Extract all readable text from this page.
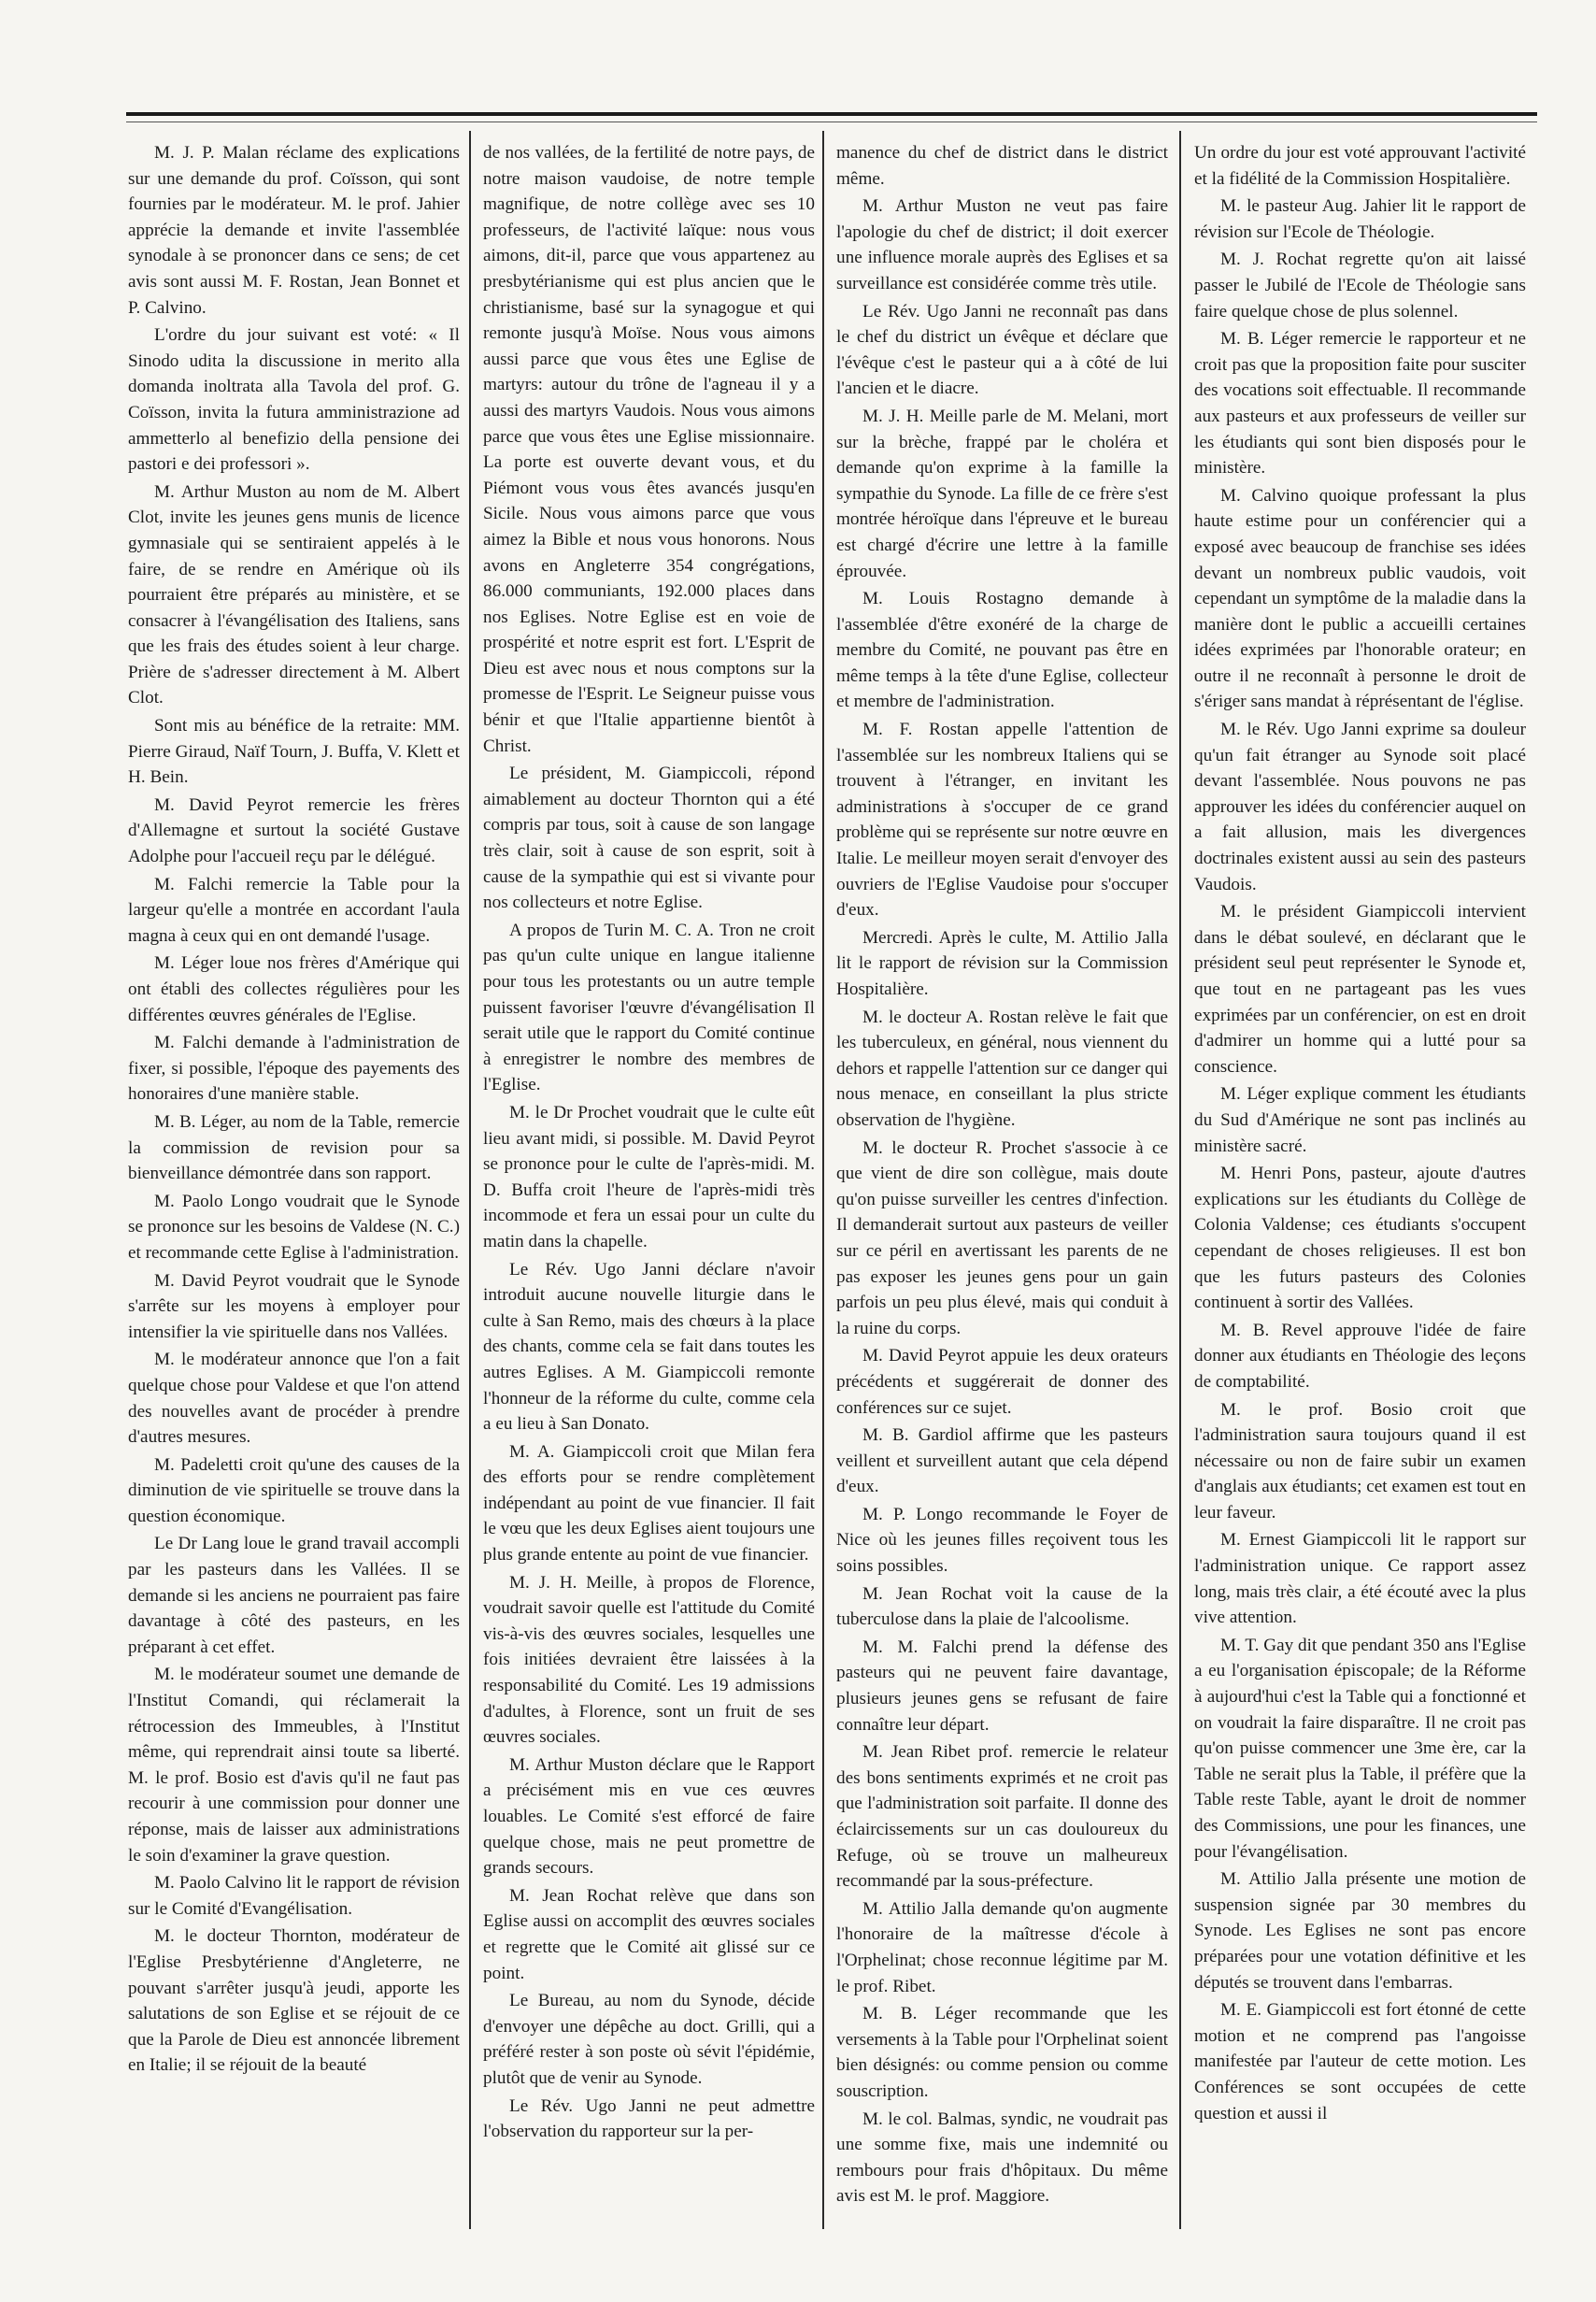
M. J. P. Malan réclame des explications sur une demande du prof. Coïsson, qui sont fournies par le modérateur. M. le prof. Jahier apprécie la demande et invite l'assemblée synodale à se prononcer dans ce sens; de cet avis sont aussi M. F. Rostan, Jean Bonnet et P. Calvino.

L'ordre du jour suivant est voté: « Il Sinodo udita la discussione in merito alla domanda inoltrata alla Tavola del prof. G. Coïsson, invita la futura amministrazione ad ammetterlo al benefizio della pensione dei pastori e dei professori ».

M. Arthur Muston au nom de M. Albert Clot, invite les jeunes gens munis de licence gymnasiale qui se sentiraient appelés à le faire, de se rendre en Amérique où ils pourraient être préparés au ministère, et se consacrer à l'évangélisation des Italiens, sans que les frais des études soient à leur charge. Prière de s'adresser directement à M. Albert Clot.

Sont mis au bénéfice de la retraite: MM. Pierre Giraud, Naïf Tourn, J. Buffa, V. Klett et H. Bein.

M. David Peyrot remercie les frères d'Allemagne et surtout la société Gustave Adolphe pour l'accueil reçu par le délégué.

M. Falchi remercie la Table pour la largeur qu'elle a montrée en accordant l'aula magna à ceux qui en ont demandé l'usage.

M. Léger loue nos frères d'Amérique qui ont établi des collectes régulières pour les différentes œuvres générales de l'Eglise.

M. Falchi demande à l'administration de fixer, si possible, l'époque des payements des honoraires d'une manière stable.

M. B. Léger, au nom de la Table, remercie la commission de revision pour sa bienveillance démontrée dans son rapport.

M. Paolo Longo voudrait que le Synode se prononce sur les besoins de Valdese (N. C.) et recommande cette Eglise à l'administration.

M. David Peyrot voudrait que le Synode s'arrête sur les moyens à employer pour intensifier la vie spirituelle dans nos Vallées.

M. le modérateur annonce que l'on a fait quelque chose pour Valdese et que l'on attend des nouvelles avant de procéder à prendre d'autres mesures.

M. Padeletti croit qu'une des causes de la diminution de vie spirituelle se trouve dans la question économique.

Le Dr Lang loue le grand travail accompli par les pasteurs dans les Vallées. Il se demande si les anciens ne pourraient pas faire davantage à côté des pasteurs, en les préparant à cet effet.

M. le modérateur soumet une demande de l'Institut Comandi, qui réclamerait la rétrocession des Immeubles, à l'Institut même, qui reprendrait ainsi toute sa liberté. M. le prof. Bosio est d'avis qu'il ne faut pas recourir à une commission pour donner une réponse, mais de laisser aux administrations le soin d'examiner la grave question.

M. Paolo Calvino lit le rapport de révision sur le Comité d'Evangélisation.

M. le docteur Thornton, modérateur de l'Eglise Presbytérienne d'Angleterre, ne pouvant s'arrêter jusqu'à jeudi, apporte les salutations de son Eglise et se réjouit de ce que la Parole de Dieu est annoncée librement en Italie; il se réjouit de la beauté

de nos vallées, de la fertilité de notre pays, de notre maison vaudoise, de notre temple magnifique, de notre collège avec ses 10 professeurs, de l'activité laïque: nous vous aimons, dit-il, parce que vous appartenez au presbytérianisme qui est plus ancien que le christianisme, basé sur la synagogue et qui remonte jusqu'à Moïse. Nous vous aimons aussi parce que vous êtes une Eglise de martyrs: autour du trône de l'agneau il y a aussi des martyrs Vaudois. Nous vous aimons parce que vous êtes une Eglise missionnaire. La porte est ouverte devant vous, et du Piémont vous vous êtes avancés jusqu'en Sicile. Nous vous aimons parce que vous aimez la Bible et nous vous honorons. Nous avons en Angleterre 354 congrégations, 86.000 communiants, 192.000 places dans nos Eglises. Notre Eglise est en voie de prospérité et notre esprit est fort. L'Esprit de Dieu est avec nous et nous comptons sur la promesse de l'Esprit. Le Seigneur puisse vous bénir et que l'Italie appartienne bientôt à Christ.

Le président, M. Giampiccoli, répond aimablement au docteur Thornton qui a été compris par tous, soit à cause de son langage très clair, soit à cause de son esprit, soit à cause de la sympathie qui est si vivante pour nos collecteurs et notre Eglise.

A propos de Turin M. C. A. Tron ne croit pas qu'un culte unique en langue italienne pour tous les protestants ou un autre temple puissent favoriser l'œuvre d'évangélisation Il serait utile que le rapport du Comité continue à enregistrer le nombre des membres de l'Eglise.

M. le Dr Prochet voudrait que le culte eût lieu avant midi, si possible. M. David Peyrot se prononce pour le culte de l'après-midi. M. D. Buffa croit l'heure de l'après-midi très incommode et fera un essai pour un culte du matin dans la chapelle.

Le Rév. Ugo Janni déclare n'avoir introduit aucune nouvelle liturgie dans le culte à San Remo, mais des chœurs à la place des chants, comme cela se fait dans toutes les autres Eglises. A M. Giampiccoli remonte l'honneur de la réforme du culte, comme cela a eu lieu à San Donato.

M. A. Giampiccoli croit que Milan fera des efforts pour se rendre complètement indépendant au point de vue financier. Il fait le vœu que les deux Eglises aient toujours une plus grande entente au point de vue financier.

M. J. H. Meille, à propos de Florence, voudrait savoir quelle est l'attitude du Comité vis-à-vis des œuvres sociales, lesquelles une fois initiées devraient être laissées à la responsabilité du Comité. Les 19 admissions d'adultes, à Florence, sont un fruit de ses œuvres sociales.

M. Arthur Muston déclare que le Rapport a précisément mis en vue ces œuvres louables. Le Comité s'est efforcé de faire quelque chose, mais ne peut promettre de grands secours.

M. Jean Rochat relève que dans son Eglise aussi on accomplit des œuvres sociales et regrette que le Comité ait glissé sur ce point.

Le Bureau, au nom du Synode, décide d'envoyer une dépêche au doct. Grilli, qui a préféré rester à son poste où sévit l'épidémie, plutôt que de venir au Synode.

Le Rév. Ugo Janni ne peut admettre l'observation du rapporteur sur la per-

manence du chef de district dans le district même.

M. Arthur Muston ne veut pas faire l'apologie du chef de district; il doit exercer une influence morale auprès des Eglises et sa surveillance est considérée comme très utile.

Le Rév. Ugo Janni ne reconnaît pas dans le chef du district un évêque et déclare que l'évêque c'est le pasteur qui a à côté de lui l'ancien et le diacre.

M. J. H. Meille parle de M. Melani, mort sur la brèche, frappé par le choléra et demande qu'on exprime à la famille la sympathie du Synode. La fille de ce frère s'est montrée héroïque dans l'épreuve et le bureau est chargé d'écrire une lettre à la famille éprouvée.

M. Louis Rostagno demande à l'assemblée d'être exonéré de la charge de membre du Comité, ne pouvant pas être en même temps à la tête d'une Eglise, collecteur et membre de l'administration.

M. F. Rostan appelle l'attention de l'assemblée sur les nombreux Italiens qui se trouvent à l'étranger, en invitant les administrations à s'occuper de ce grand problème qui se représente sur notre œuvre en Italie. Le meilleur moyen serait d'envoyer des ouvriers de l'Eglise Vaudoise pour s'occuper d'eux.

Mercredi. Après le culte, M. Attilio Jalla lit le rapport de révision sur la Commission Hospitalière.

M. le docteur A. Rostan relève le fait que les tuberculeux, en général, nous viennent du dehors et rappelle l'attention sur ce danger qui nous menace, en conseillant la plus stricte observation de l'hygiène.

M. le docteur R. Prochet s'associe à ce que vient de dire son collègue, mais doute qu'on puisse surveiller les centres d'infection. Il demanderait surtout aux pasteurs de veiller sur ce péril en avertissant les parents de ne pas exposer les jeunes gens pour un gain parfois un peu plus élevé, mais qui conduit à la ruine du corps.

M. David Peyrot appuie les deux orateurs précédents et suggérerait de donner des conférences sur ce sujet.

M. B. Gardiol affirme que les pasteurs veillent et surveillent autant que cela dépend d'eux.

M. P. Longo recommande le Foyer de Nice où les jeunes filles reçoivent tous les soins possibles.

M. Jean Rochat voit la cause de la tuberculose dans la plaie de l'alcoolisme.

M. M. Falchi prend la défense des pasteurs qui ne peuvent faire davantage, plusieurs jeunes gens se refusant de faire connaître leur départ.

M. Jean Ribet prof. remercie le relateur des bons sentiments exprimés et ne croit pas que l'administration soit parfaite. Il donne des éclaircissements sur un cas douloureux du Refuge, où se trouve un malheureux recommandé par la sous-préfecture.

M. Attilio Jalla demande qu'on augmente l'honoraire de la maîtresse d'école à l'Orphelinat; chose reconnue légitime par M. le prof. Ribet.

M. B. Léger recommande que les versements à la Table pour l'Orphelinat soient bien désignés: ou comme pension ou comme souscription.

M. le col. Balmas, syndic, ne voudrait pas une somme fixe, mais une indemnité ou rembours pour frais d'hôpitaux. Du même avis est M. le prof. Maggiore.

Un ordre du jour est voté approuvant l'activité et la fidélité de la Commission Hospitalière.

M. le pasteur Aug. Jahier lit le rapport de révision sur l'Ecole de Théologie.

M. J. Rochat regrette qu'on ait laissé passer le Jubilé de l'Ecole de Théologie sans faire quelque chose de plus solennel.

M. B. Léger remercie le rapporteur et ne croit pas que la proposition faite pour susciter des vocations soit effectuable. Il recommande aux pasteurs et aux professeurs de veiller sur les étudiants qui sont bien disposés pour le ministère.

M. Calvino quoique professant la plus haute estime pour un conférencier qui a exposé avec beaucoup de franchise ses idées devant un nombreux public vaudois, voit cependant un symptôme de la maladie dans la manière dont le public a accueilli certaines idées exprimées par l'honorable orateur; en outre il ne reconnaît à personne le droit de s'ériger sans mandat à réprésentant de l'église.

M. le Rév. Ugo Janni exprime sa douleur qu'un fait étranger au Synode soit placé devant l'assemblée. Nous pouvons ne pas approuver les idées du conférencier auquel on a fait allusion, mais les divergences doctrinales existent aussi au sein des pasteurs Vaudois.

M. le président Giampiccoli intervient dans le débat soulevé, en déclarant que le président seul peut représenter le Synode et, que tout en ne partageant pas les vues exprimées par un conférencier, on est en droit d'admirer un homme qui a lutté pour sa conscience.

M. Léger explique comment les étudiants du Sud d'Amérique ne sont pas inclinés au ministère sacré.

M. Henri Pons, pasteur, ajoute d'autres explications sur les étudiants du Collège de Colonia Valdense; ces étudiants s'occupent cependant de choses religieuses. Il est bon que les futurs pasteurs des Colonies continuent à sortir des Vallées.

M. B. Revel approuve l'idée de faire donner aux étudiants en Théologie des leçons de comptabilité.

M. le prof. Bosio croit que l'administration saura toujours quand il est nécessaire ou non de faire subir un examen d'anglais aux étudiants; cet examen est tout en leur faveur.

M. Ernest Giampiccoli lit le rapport sur l'administration unique. Ce rapport assez long, mais très clair, a été écouté avec la plus vive attention.

M. T. Gay dit que pendant 350 ans l'Eglise a eu l'organisation épiscopale; de la Réforme à aujourd'hui c'est la Table qui a fonctionné et on voudrait la faire disparaître. Il ne croit pas qu'on puisse commencer une 3me ère, car la Table ne serait plus la Table, il préfère que la Table reste Table, ayant le droit de nommer des Commissions, une pour les finances, une pour l'évangélisation.

M. Attilio Jalla présente une motion de suspension signée par 30 membres du Synode. Les Eglises ne sont pas encore préparées pour une votation définitive et les députés se trouvent dans l'embarras.

M. E. Giampiccoli est fort étonné de cette motion et ne comprend pas l'angoisse manifestée par l'auteur de cette motion. Les Conférences se sont occupées de cette question et aussi il
